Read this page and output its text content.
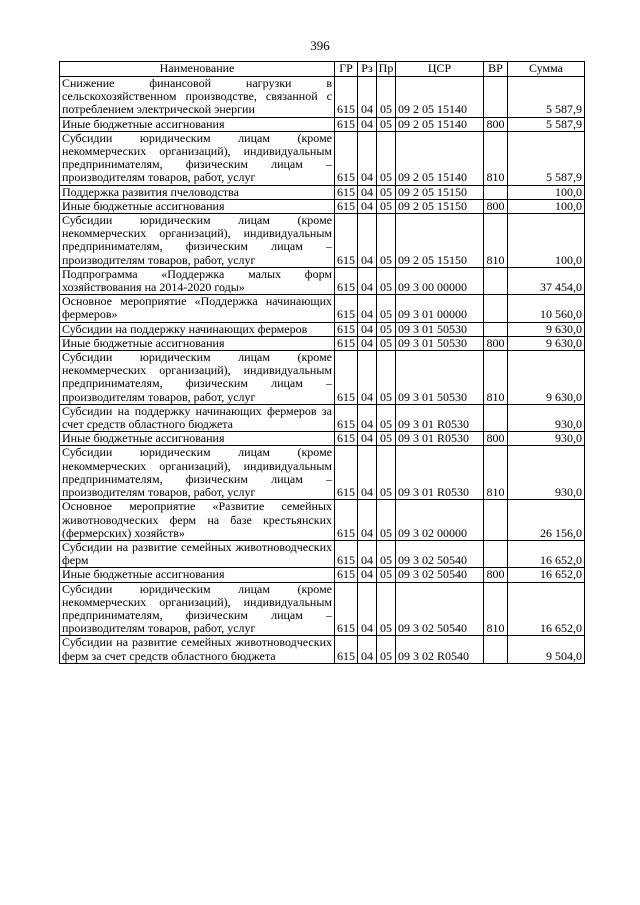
396
Наименование	ГР	Рз	Пр	ЦСР	ВР	Сумма
Снижение финансовой нагрузки в сельскохозяйственном производстве, связанной с потреблением электрической энергии	615	04	05	09 2 05 15140		5 587,9
Иные бюджетные ассигнования	615	04	05	09 2 05 15140	800	5 587,9
Субсидии юридическим лицам (кроме некоммерческих организаций), индивидуальным предпринимателям, физическим лицам – производителям товаров, работ, услуг	615	04	05	09 2 05 15140	810	5 587,9
Поддержка развития пчеловодства	615	04	05	09 2 05 15150		100,0
Иные бюджетные ассигнования	615	04	05	09 2 05 15150	800	100,0
Субсидии юридическим лицам (кроме некоммерческих организаций), индивидуальным предпринимателям, физическим лицам – производителям товаров, работ, услуг	615	04	05	09 2 05 15150	810	100,0
Подпрограмма «Поддержка малых форм хозяйствования на 2014-2020 годы»	615	04	05	09 3 00 00000		37 454,0
Основное мероприятие «Поддержка начинающих фермеров»	615	04	05	09 3 01 00000		10 560,0
Субсидии на поддержку начинающих фермеров	615	04	05	09 3 01 50530		9 630,0
Иные бюджетные ассигнования	615	04	05	09 3 01 50530	800	9 630,0
Субсидии юридическим лицам (кроме некоммерческих организаций), индивидуальным предпринимателям, физическим лицам – производителям товаров, работ, услуг	615	04	05	09 3 01 50530	810	9 630,0
Субсидии на поддержку начинающих фермеров за счет средств областного бюджета	615	04	05	09 3 01 R0530		930,0
Иные бюджетные ассигнования	615	04	05	09 3 01 R0530	800	930,0
Субсидии юридическим лицам (кроме некоммерческих организаций), индивидуальным предпринимателям, физическим лицам – производителям товаров, работ, услуг	615	04	05	09 3 01 R0530	810	930,0
Основное мероприятие «Развитие семейных животноводческих ферм на базе крестьянских (фермерских) хозяйств»	615	04	05	09 3 02 00000		26 156,0
Субсидии на развитие семейных животноводческих ферм	615	04	05	09 3 02 50540		16 652,0
Иные бюджетные ассигнования	615	04	05	09 3 02 50540	800	16 652,0
Субсидии юридическим лицам (кроме некоммерческих организаций), индивидуальным предпринимателям, физическим лицам – производителям товаров, работ, услуг	615	04	05	09 3 02 50540	810	16 652,0
Субсидии на развитие семейных животноводческих ферм за счет средств областного бюджета	615	04	05	09 3 02 R0540		9 504,0
